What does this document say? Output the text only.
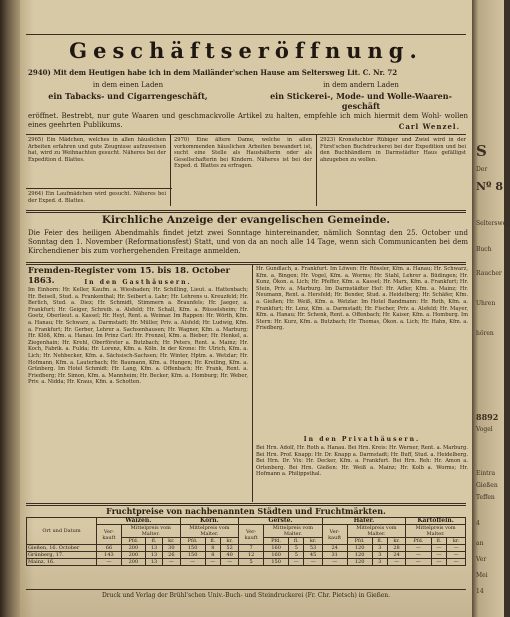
Geschäftseröffnung.
2940) Mit dem Heutigen habe ich in dem Mailänder'schen Hause am Seltersweg Lit. C. Nr. 72
in dem einen Laden
ein Tabacks- und Cigarrengeschäft,
in dem andern Laden
ein Stickerei-, Mode- und Wolle-Waaren-geschäft
eröffnet. Bestrebt, nur gute Waaren und geschmackvolle Artikel zu halten, empfehle ich mich hiermit dem Wohl- wollen eines geehrten Publikums.	Carl Wenzel.
2965) Ein Mädchen, welches in allen häuslichen Arbeiten erfahren und gute Zeugnisse aufzuweisen hat, wird zu Weihnachten gesucht. Näheres bei der Expedition d. Blattes.
2964) Ein Laufmädchen wird gesucht. Näheres bei der Exped. d. Blattes.
2970) Eine ältere Dame, welche in allen vorkommenden häuslichen Arbeiten bewandert ist, sucht eine Stelle als Haushälterin oder als Gesellschafterin bei Kindern. Näheres ist bei der Exped. d. Blattes zu erfragen.
2923) Kronsfuchter Rübiger und Zwiel wird in der Fürst'schen Buchdruckerei bei der Expedition und bei den Buchhändlern in Darmstädter Haus gefälligst abzugeben zu wollen.
Kirchliche Anzeige der evangelischen Gemeinde.
Die Feier des heiligen Abendmahls findet jetzt zwei Sonntage hintereinander, nämlich Sonntag den 25. October und Sonntag den 1. November (Reformationsfest) Statt, und von da an noch alle 14 Tage, wenn sich Communicanten bei dem Kirchendiener bis zum vorhergehenden Freitage anmelden.
Fremden-Register vom 15. bis 18. October 1863.	In den Gasthäusern.
Im Einhorn: Hr. Keller, Kaufm. a. Wiesbaden; Hr. Schilling, Lieut. a. Hattenbach; Hr. Beisell, Stud. a. Frankenthal; Hr. Seibert a. Lahr; Hr. Lehrens u. Kreuzfeld; Hr. Berlich, Stud. a. Diez; Hr. Schmidt, Stimmern a. Braunfels; Hr. Jaeger, a. Frankfurt; Hr. Geiger, Schreib. a. Alsfeld; Hr. Schall, Kfm. a. Rüsselsheim; Hr. Goetz, Oberlieut. a. Kassel; Hr. Heyl, Rent. a. Weimar. Im Rappen: Hr. Wörth, Kfm. a. Hanau; Hr. Schwarz, a. Darmstadt; Hr. Müller, Priv. a. Alsfeld; Hr. Ludwig, Kfm. a. Frankfurt; Hr. Gerber, Lehrer a. Sachsenhausen; Hr. Wagner, Kfm. a. Marburg; Hr. Klöß, Kfm. a. Hanau. Im Prinz Carl: Hr. Frenzel, Kfm. a. Bieber; Hr. Henkel, a. Ziegenhain; Hr. Krehl, Oberförster a. Butzbach; Hr. Peters, Rent. a. Mainz; Hr. Koch, Fabrik. a. Fulda; Hr. Lorenz, Kfm. a. Köln. In der Krone: Hr. Ulrich, Kfm. a. Lich; Hr. Nehbecker, Kfm. a. Sächsisch-Sachsen; Hr. Winter, Hptm. a. Wetzlar; Hr. Hofmann, Kfm. a. Lauterbach; Hr. Baumann, Kfm. a. Hungen; Hr. Kreiling, Kfm. a. Grünberg. Im Hotel Schmidt: Hr. Lang, Kfm. a. Offenbach; Hr. Frank, Rent. a. Friedberg; Hr. Simon, Kfm. a. Mannheim; Hr. Becker, Kfm. a. Homburg; Hr. Weber, Priv. a. Nidda; Hr. Kraus, Kfm. a. Schotten.
Hr. Gundlach, a. Frankfurt. Im Löwen: Hr. Rössler, Kfm. a. Hanau; Hr. Schwarz, Kfm. a. Bingen; Hr. Vogel, Kfm. a. Worms; Hr. Stahl, Lehrer a. Büdingen; Hr. Kunz, Ökon. a. Lich; Hr. Pfeffer, Kfm. a. Kassel; Hr. Marx, Kfm. a. Frankfurt; Hr. Stein, Priv. a. Marburg. Im Darmstädter Hof: Hr. Adler, Kfm. a. Mainz; Hr. Neumann, Rent. a. Hersfeld; Hr. Bender, Stud. a. Heidelberg; Hr. Schäfer, Kfm. a. Gießen; Hr. Weiß, Kfm. a. Wetzlar. Im Hotel Bandmann: Hr. Roth, Kfm. a. Frankfurt; Hr. Lenz, Kfm. a. Darmstadt; Hr. Fischer, Priv. a. Alsfeld; Hr. Mayer, Kfm. a. Hanau; Hr. Schenk, Rent. a. Offenbach; Hr. Kaiser, Kfm. a. Homburg. Im Stern: Hr. Kurz, Kfm. a. Butzbach; Hr. Thomas, Ökon. a. Lich; Hr. Hahn, Kfm. a. Friedberg.
In den Privathäusern.
Bei Hrn. Adolf, Hr. Roth a. Hanau. Bei Hrn. Kreis: Hr. Werner, Rent. a. Marburg. Bei Hrn. Prof. Knapp: Hr. Dr. Knapp a. Darmstadt; Hr. Buff, Stud. a. Heidelberg. Bei Hrn. Dr. Vix: Hr. Decker, Kfm. a. Frankfurt. Bei Hrn. Reh: Hr. Amon a. Ortenberg. Bei Hrn. Gießen: Hr. Weiß a. Mainz; Hr. Kolb a. Worms; Hr. Hofmann a. Philippsthal.
Fruchtpreise von nachbenannten Städten und Fruchtmärkten.
Ort und Datum	Waizen.				Korn.			Gerste.				Hafer.				Kartoffeln.		
	Ver-kauft	Mittelpreis vom Malter.			Mittelpreis vom Malter.			Ver-kauft	Mittelpreis vom Malter.			Ver-kauft	Mittelpreis vom Malter.			Mittelpreis vom Malter.		
		Pfd.	fl.	kr.	Pfd.	fl.	kr.		Pfd.	fl.	kr.		Pfd.	fl.	kr.	Pfd.	fl.	kr.
Gießen, 16. October	66	200	13	30	150	8	52	7	160	5	53	24	120	3	28	—	—	—
Grünberg, 17.	143	200	13	26	150	8	40	12	160	5	45	31	120	3	24	—	—	—
Mainz, 16.	—	200	13	—	—	—	—	5	150	—	—	—	120	3	—	—	—	—
Druck und Verlag der Brühl'schen Univ.-Buch- und Steindruckerei (Fr. Chr. Pietsch) in Gießen.
S
Der
Nº 8
Seltersweg
Buch
Raucher
Uhren
hören
8892
Vogel
Eintra
Gießen
Teffen
4
an
Ver
Mei
14
